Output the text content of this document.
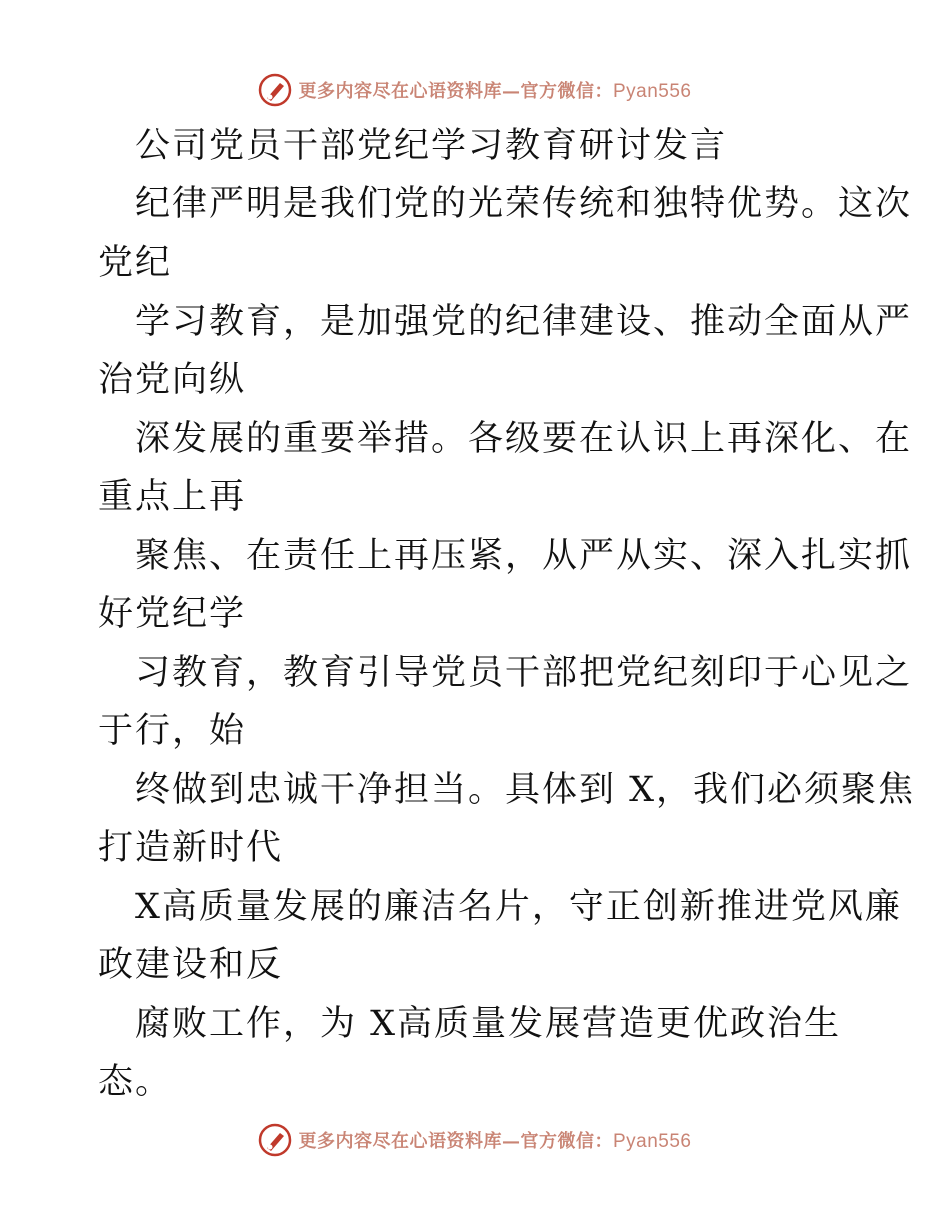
更多内容尽在心语资料库—官方微信：Pyan556
公司党员干部党纪学习教育研讨发言
纪律严明是我们党的光荣传统和独特优势。这次
党纪
学习教育，是加强党的纪律建设、推动全面从严
治党向纵
深发展的重要举措。各级要在认识上再深化、在
重点上再
聚焦、在责任上再压紧，从严从实、深入扎实抓
好党纪学
习教育，教育引导党员干部把党纪刻印于心见之
于行，始
终做到忠诚干净担当。具体到 X，我们必须聚焦
打造新时代
X高质量发展的廉洁名片，守正创新推进党风廉
政建设和反
腐败工作，为 X高质量发展营造更优政治生
态。
更多内容尽在心语资料库—官方微信：Pyan556
